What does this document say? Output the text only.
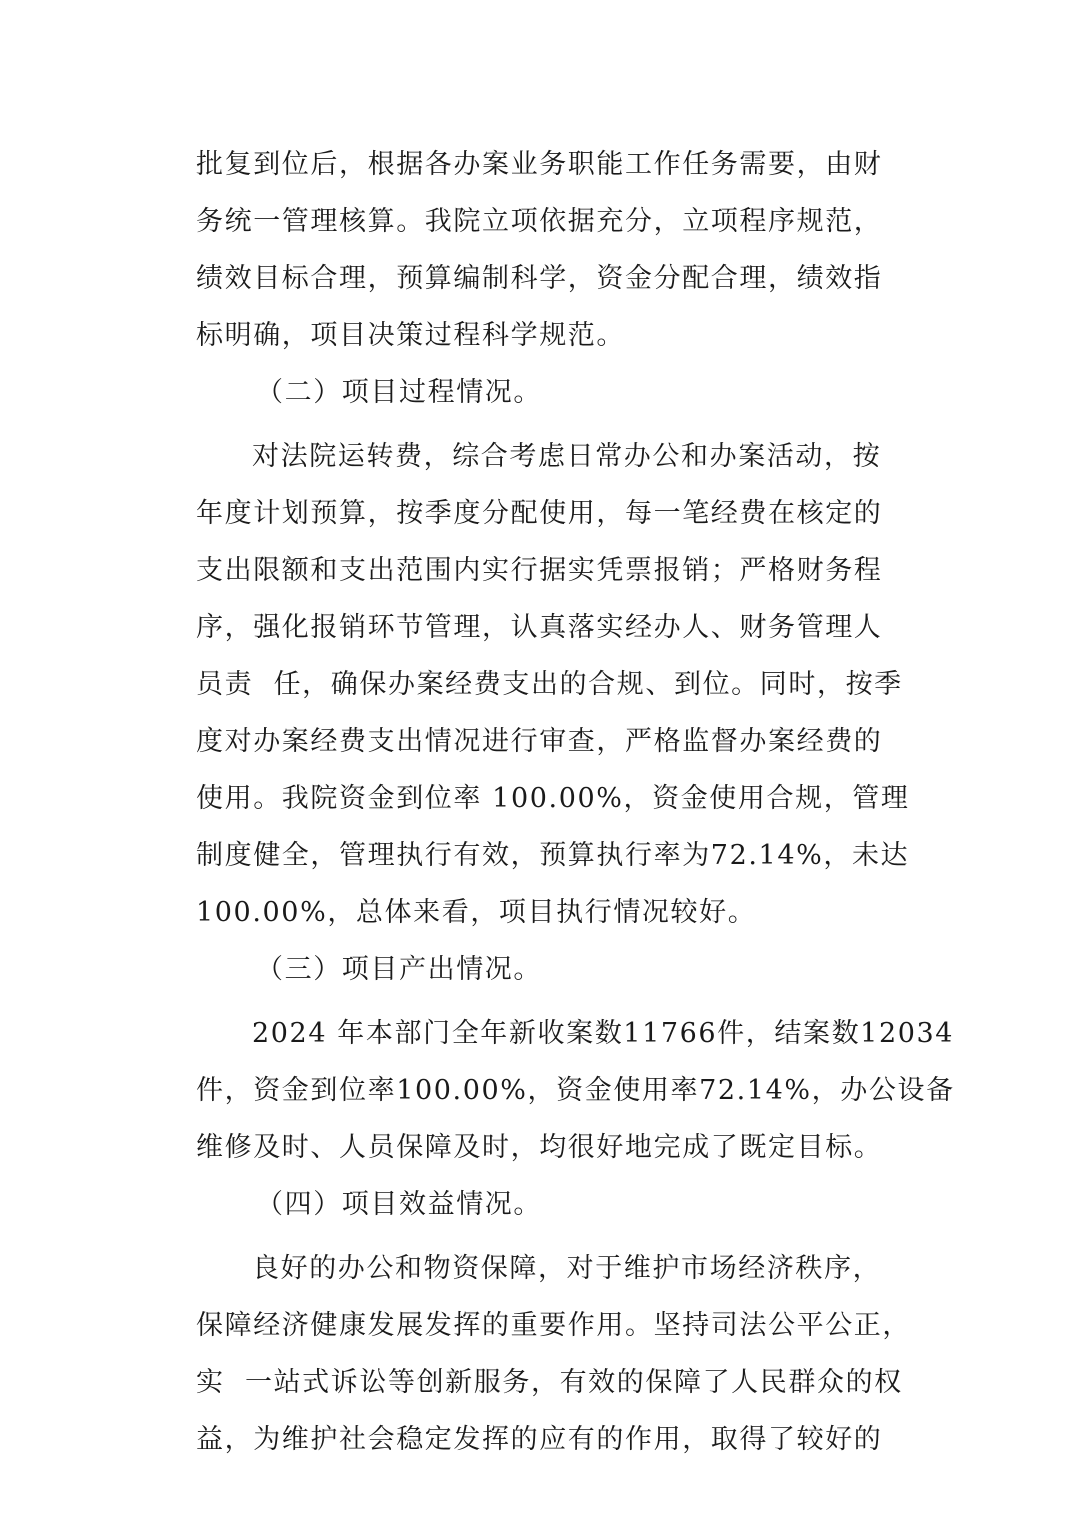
批复到位后，根据各办案业务职能工作任务需要，由财
务统一管理核算。我院立项依据充分，立项程序规范，
绩效目标合理，预算编制科学，资金分配合理，绩效指
标明确，项目决策过程科学规范。
（二）项目过程情况。
对法院运转费，综合考虑日常办公和办案活动，按
年度计划预算，按季度分配使用，每一笔经费在核定的
支出限额和支出范围内实行据实凭票报销；严格财务程
序，强化报销环节管理，认真落实经办人、财务管理人
员责  任，确保办案经费支出的合规、到位。同时，按季
度对办案经费支出情况进行审查，严格监督办案经费的
使用。我院资金到位率 100.00%，资金使用合规，管理
制度健全，管理执行有效，预算执行率为72.14%，未达
100.00%，总体来看，项目执行情况较好。
（三）项目产出情况。
2024 年本部门全年新收案数11766件，结案数12034
件，资金到位率100.00%，资金使用率72.14%，办公设备
维修及时、人员保障及时，均很好地完成了既定目标。
（四）项目效益情况。
良好的办公和物资保障，对于维护市场经济秩序，
保障经济健康发展发挥的重要作用。坚持司法公平公正，
实  一站式诉讼等创新服务，有效的保障了人民群众的权
益，为维护社会稳定发挥的应有的作用，取得了较好的
